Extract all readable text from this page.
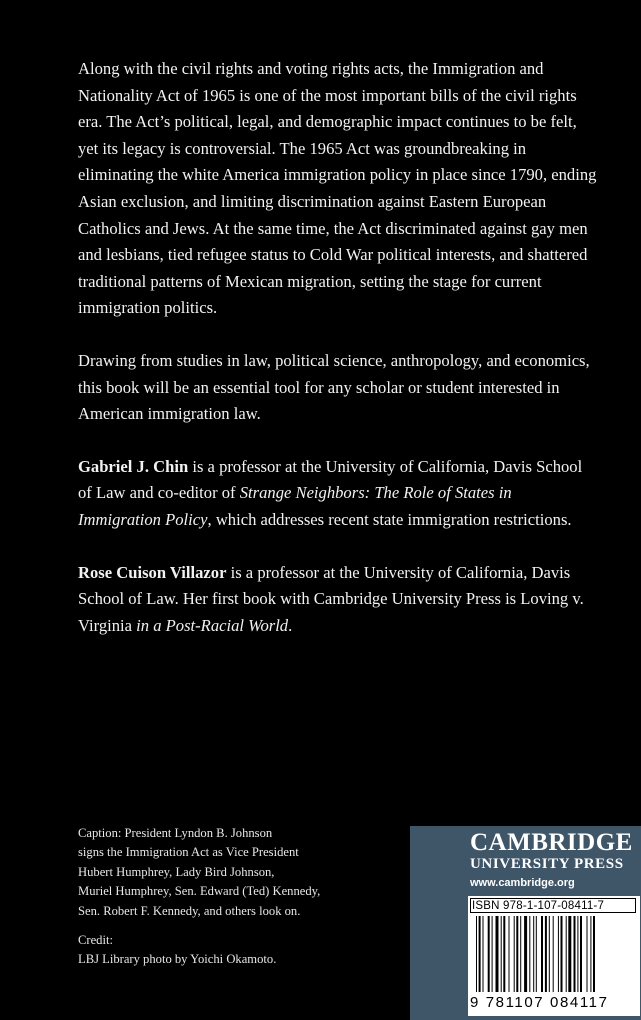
Along with the civil rights and voting rights acts, the Immigration and Nationality Act of 1965 is one of the most important bills of the civil rights era. The Act’s political, legal, and demographic impact continues to be felt, yet its legacy is controversial. The 1965 Act was groundbreaking in eliminating the white America immigration policy in place since 1790, ending Asian exclusion, and limiting discrimination against Eastern European Catholics and Jews. At the same time, the Act discriminated against gay men and lesbians, tied refugee status to Cold War political interests, and shattered traditional patterns of Mexican migration, setting the stage for current immigration politics.

Drawing from studies in law, political science, anthropology, and economics, this book will be an essential tool for any scholar or student interested in American immigration law.

Gabriel J. Chin is a professor at the University of California, Davis School of Law and co-editor of Strange Neighbors: The Role of States in Immigration Policy, which addresses recent state immigration restrictions.

Rose Cuison Villazor is a professor at the University of California, Davis School of Law. Her first book with Cambridge University Press is Loving v. Virginia in a Post-Racial World.

Caption: President Lyndon B. Johnson
signs the Immigration Act as Vice President
Hubert Humphrey, Lady Bird Johnson,
Muriel Humphrey, Sen. Edward (Ted) Kennedy,
Sen. Robert F. Kennedy, and others look on.

Credit:
LBJ Library photo by Yoichi Okamoto.

CAMBRIDGE
UNIVERSITY PRESS
www.cambridge.org
ISBN 978-1-107-08411-7
9 781107 084117
